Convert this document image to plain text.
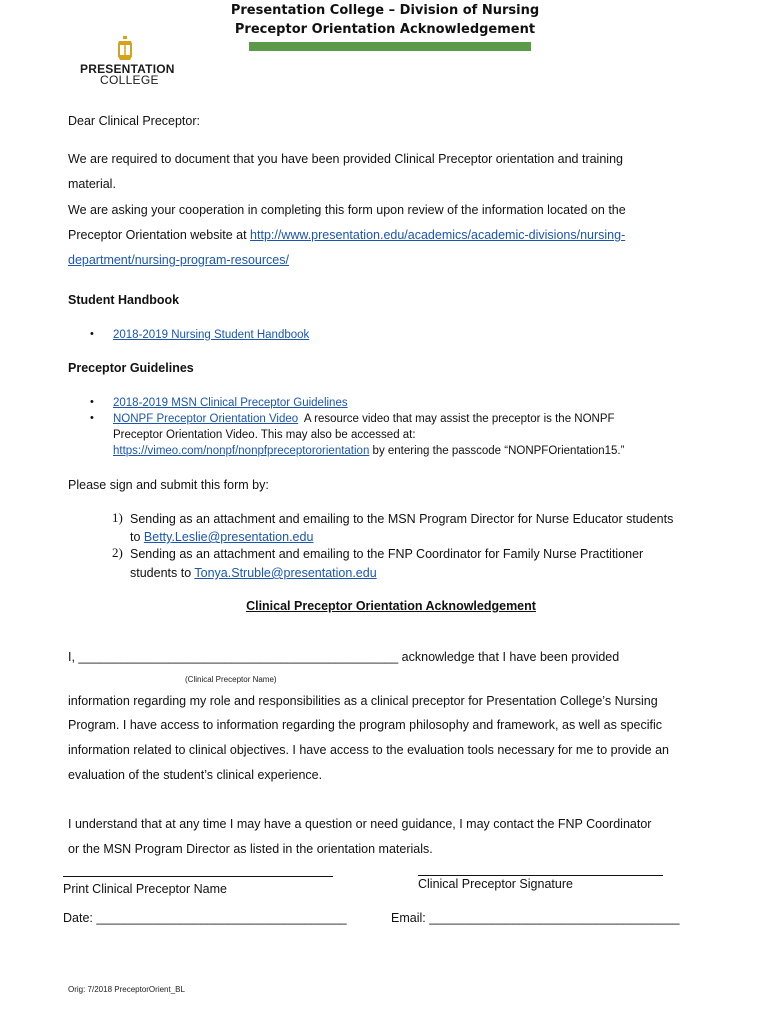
Presentation College – Division of Nursing
Preceptor Orientation Acknowledgement
PRESENTATION
COLLEGE
Dear Clinical Preceptor:
We are required to document that you have been provided Clinical Preceptor orientation and training
material.
We are asking your cooperation in completing this form upon review of the information located on the
Preceptor Orientation website at http://www.presentation.edu/academics/academic-divisions/nursing-
department/nursing-program-resources/
Student Handbook
• 2018-2019 Nursing Student Handbook
Preceptor Guidelines
• 2018-2019 MSN Clinical Preceptor Guidelines
• NONPF Preceptor Orientation Video  A resource video that may assist the preceptor is the NONPF
Preceptor Orientation Video. This may also be accessed at:
https://vimeo.com/nonpf/nonpfpreceptororientation by entering the passcode “NONPFOrientation15.”
Please sign and submit this form by:
1) Sending as an attachment and emailing to the MSN Program Director for Nurse Educator students
to Betty.Leslie@presentation.edu
2) Sending as an attachment and emailing to the FNP Coordinator for Family Nurse Practitioner
students to Tonya.Struble@presentation.edu
Clinical Preceptor Orientation Acknowledgement
I, ______________________________________________ acknowledge that I have been provided
(Clinical Preceptor Name)
information regarding my role and responsibilities as a clinical preceptor for Presentation College’s Nursing
Program. I have access to information regarding the program philosophy and framework, as well as specific
information related to clinical objectives. I have access to the evaluation tools necessary for me to provide an
evaluation of the student’s clinical experience.
I understand that at any time I may have a question or need guidance, I may contact the FNP Coordinator
or the MSN Program Director as listed in the orientation materials.
Print Clinical Preceptor Name	Clinical Preceptor Signature
Date: ____________________________________	Email: ____________________________________
Orig: 7/2018 PreceptorOrient_BL
